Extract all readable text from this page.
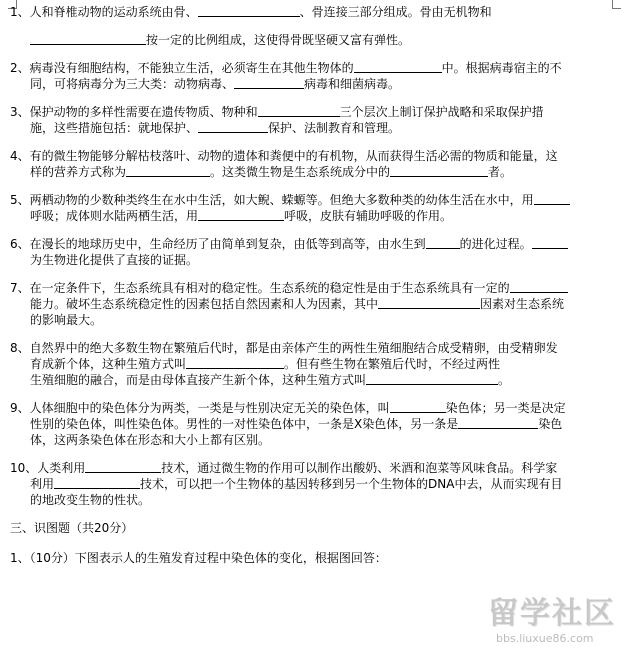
1、人和脊椎动物的运动系统由骨、	、骨连接三部分组成。骨由无机物和
按一定的比例组成，这使得骨既坚硬又富有弹性。
2、病毒没有细胞结构，不能独立生活，必须寄生在其他生物体的	中。根据病毒宿主的不
同，可将病毒分为三大类：动物病毒、	病毒和细菌病毒。
3、保护动物的多样性需要在遗传物质、物种和	三个层次上制订保护战略和采取保护措
施，这些措施包括：就地保护、	保护、法制教育和管理。
4、有的微生物能够分解枯枝落叶、动物的遗体和粪便中的有机物，从而获得生活必需的物质和能量，这
样的营养方式称为	。这类微生物是生态系统成分中的	者。
5、两栖动物的少数种类终生在水中生活，如大鲵、蝾螈等。但绝大多数种类的幼体生活在水中，用
呼吸；成体则水陆两栖生活，用	呼吸，皮肤有辅助呼吸的作用。
6、在漫长的地球历史中，生命经历了由简单到复杂，由低等到高等，由水生到	的进化过程。
为生物进化提供了直接的证据。
7、在一定条件下，生态系统具有相对的稳定性。生态系统的稳定性是由于生态系统具有一定的
能力。破坏生态系统稳定性的因素包括自然因素和人为因素，其中	因素对生态系统
的影响最大。
8、自然界中的绝大多数生物在繁殖后代时，都是由亲体产生的两性生殖细胞结合成受精卵，由受精卵发
育成新个体，这种生殖方式叫	。但有些生物在繁殖后代时，不经过两性
生殖细胞的融合，而是由母体直接产生新个体，这种生殖方式叫	。
9、人体细胞中的染色体分为两类，一类是与性别决定无关的染色体，叫	染色体；另一类是决定
性别的染色体，叫性染色体。男性的一对性染色体中，一条是X染色体，另一条是	染色
体，这两条染色体在形态和大小上都有区别。
10、人类利用	技术，通过微生物的作用可以制作出酸奶、米酒和泡菜等风味食品。科学家
利用	技术，可以把一个生物体的基因转移到另一个生物体的DNA中去，从而实现有目
的地改变生物的性状。
三、识图题（共20分）
1、（10分）下图表示人的生殖发育过程中染色体的变化，根据图回答：
留学社区
bbs.liuxue86.com
